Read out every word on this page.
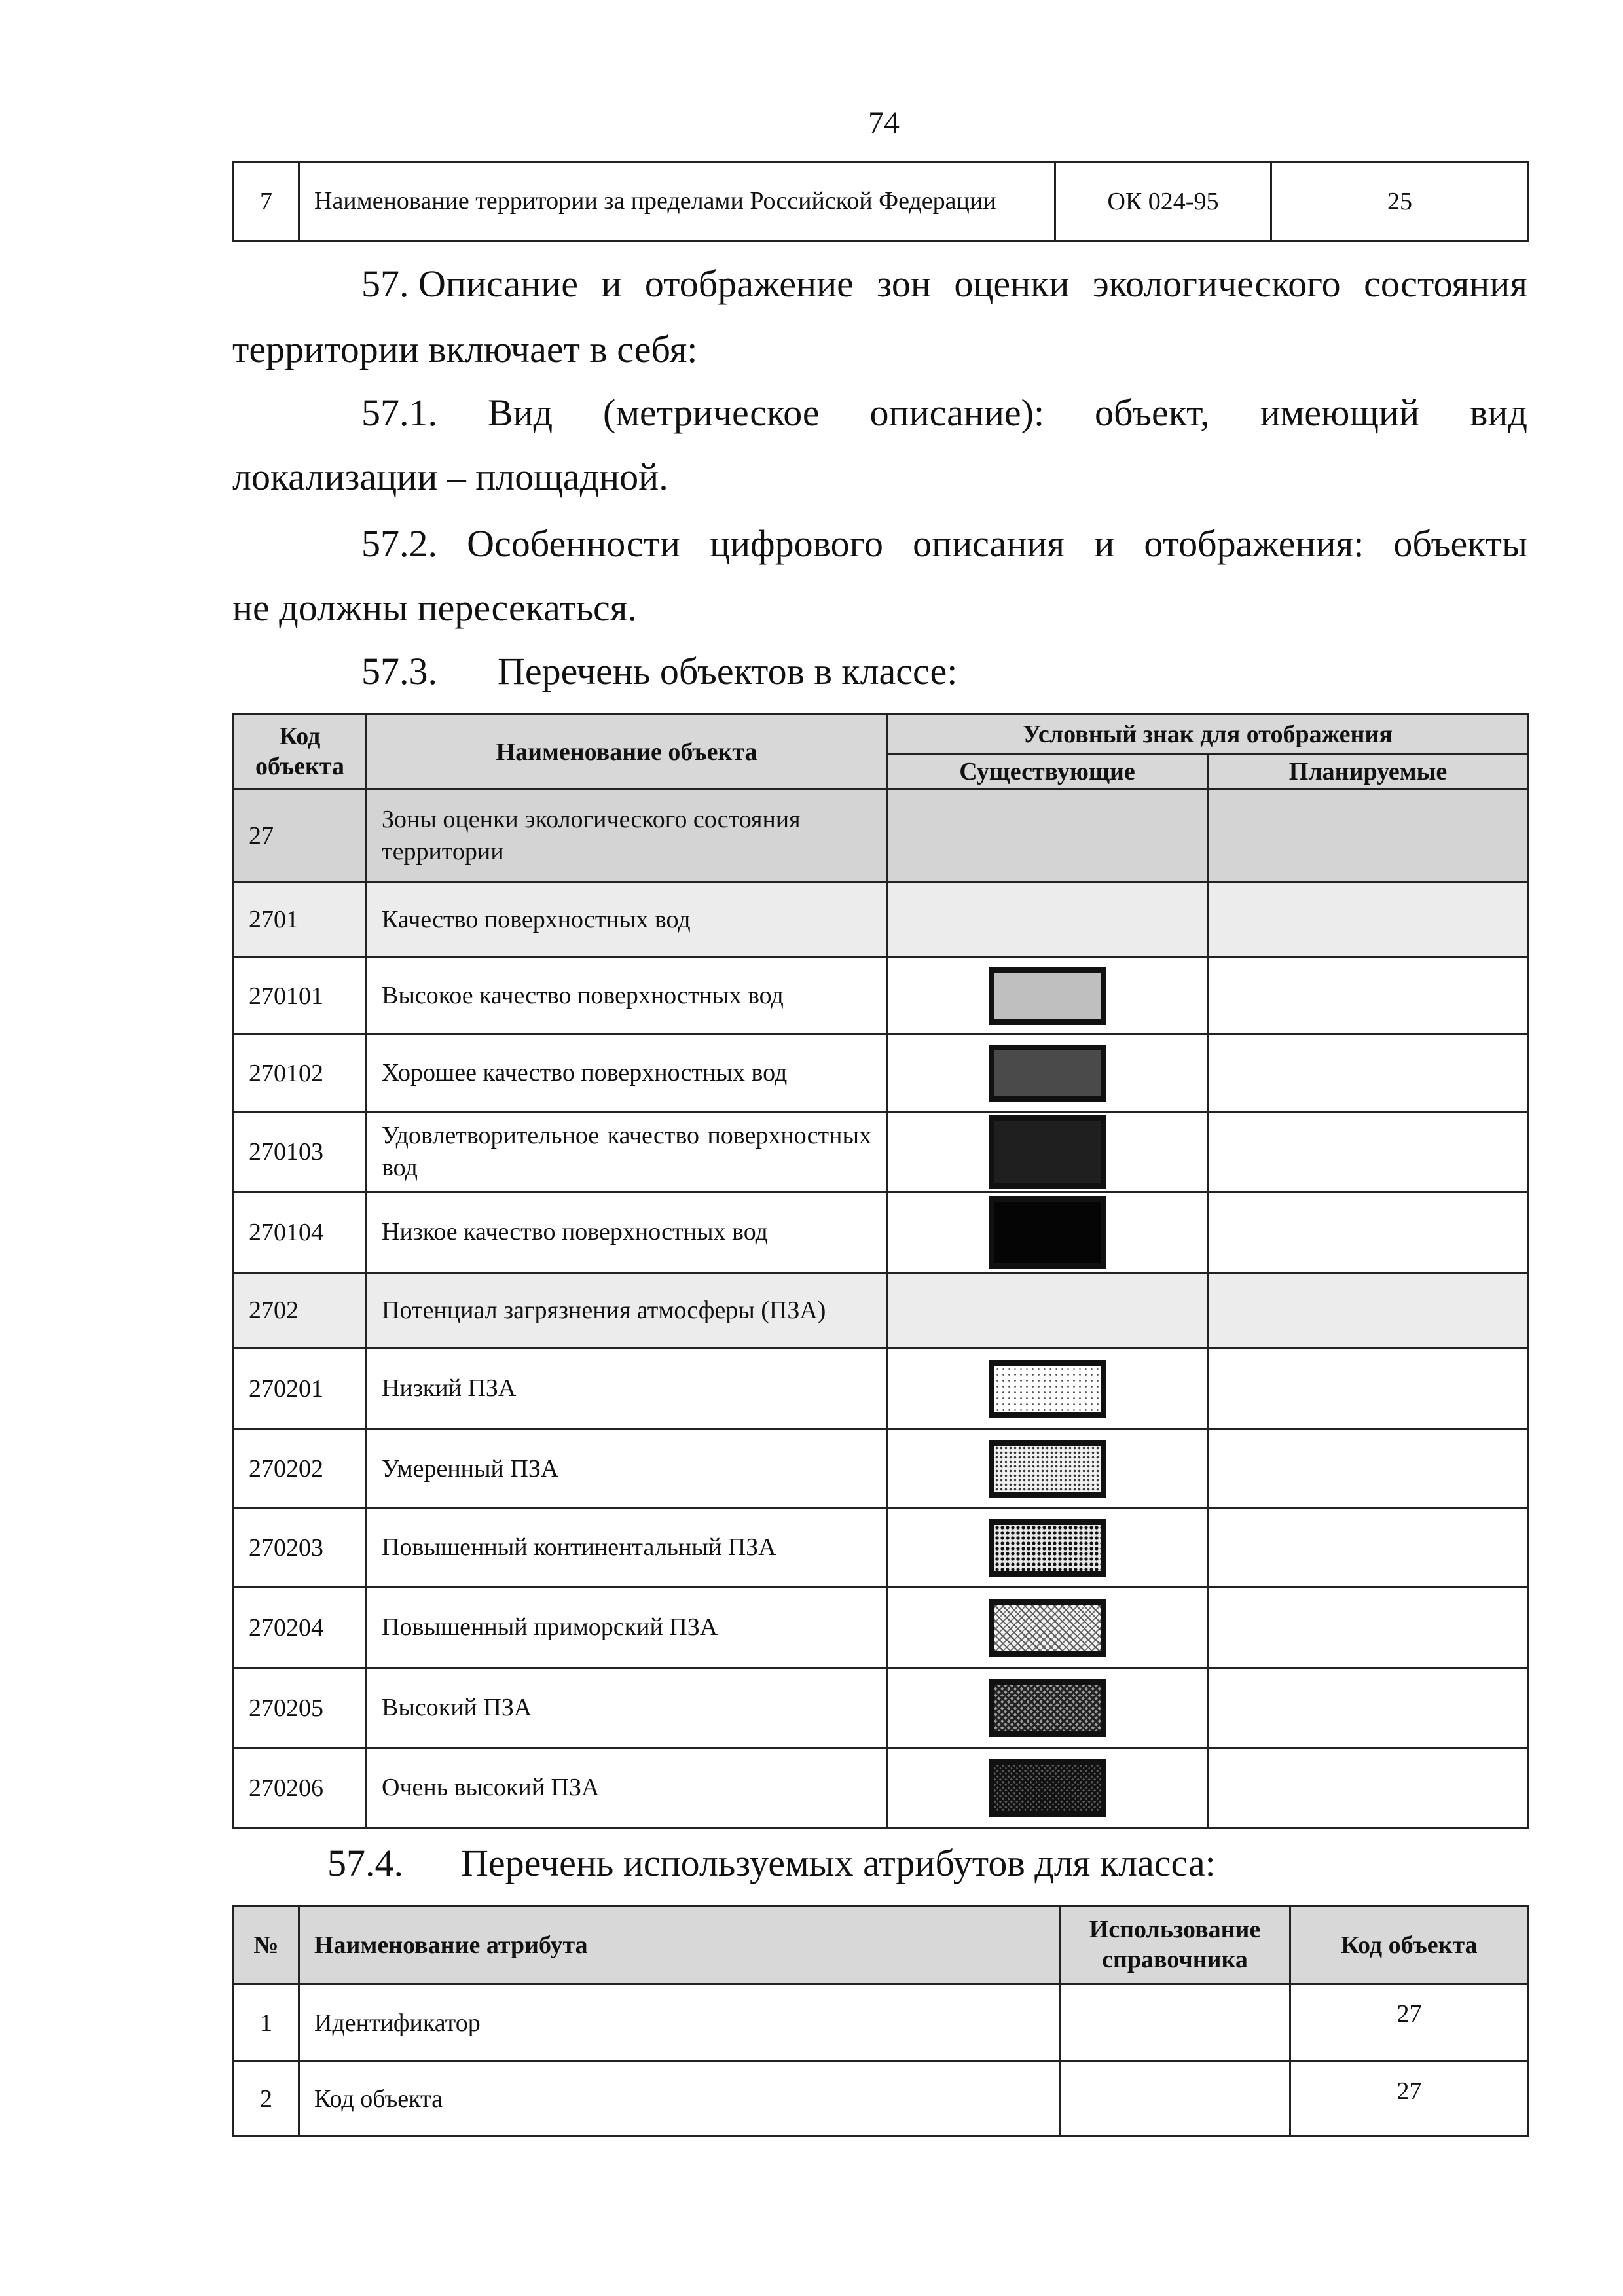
74
7	Наименование территории за пределами Российской Федерации	ОК 024-95	25
57. Описание и отображение зон оценки экологического состояния
территории включает в себя:
57.1. Вид (метрическое описание): объект, имеющий вид
локализации – площадной.
57.2. Особенности цифрового описания и отображения: объекты
не должны пересекаться.
57.3. Перечень объектов в классе:
Код объекта	Наименование объекта	Условный знак для отображения	
		Существующие	Планируемые
27	Зоны оценки экологического состояния территории		
2701	Качество поверхностных вод		
270101	Высокое качество поверхностных вод	

270102	Хорошее качество поверхностных вод	

270103	Удовлетворительное качество поверхностных вод	

270104	Низкое качество поверхностных вод	

2702	Потенциал загрязнения атмосферы (ПЗА)		
270201	Низкий ПЗА	

270202	Умеренный ПЗА	

270203	Повышенный континентальный ПЗА	

270204	Повышенный приморский ПЗА	

270205	Высокий ПЗА	

270206	Очень высокий ПЗА	

57.4. Перечень используемых атрибутов для класса:
№	Наименование атрибута	Использование справочника	Код объекта
1	Идентификатор		27
2	Код объекта		27
